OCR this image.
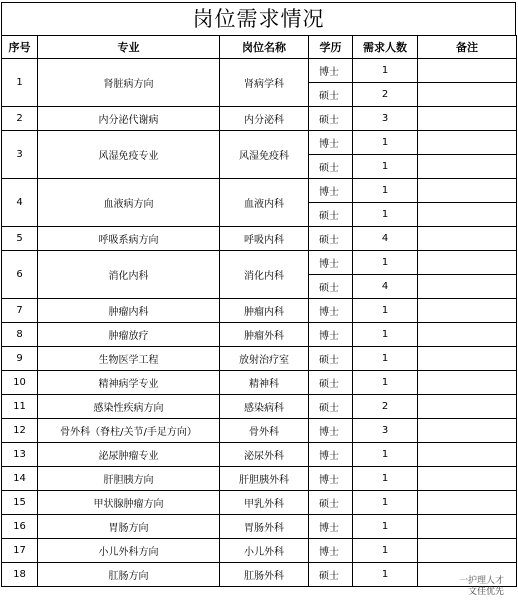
岗位需求情况
序号	专业	岗位名称	学历	需求人数	备注
1	肾脏病方向	肾病学科	博士	1	
			硕士	2	
2	内分泌代谢病	内分泌科	硕士	3	
3	风湿免疫专业	风湿免疫科	博士	1	
			硕士	1	
4	血液病方向	血液内科	博士	1	
			硕士	1	
5	呼吸系病方向	呼吸内科	硕士	4	
6	消化内科	消化内科	博士	1	
			硕士	4	
7	肿瘤内科	肿瘤内科	博士	1	
8	肿瘤放疗	肿瘤外科	博士	1	
9	生物医学工程	放射治疗室	硕士	1	
10	精神病学专业	精神科	硕士	1	
11	感染性疾病方向	感染病科	硕士	2	
12	骨外科（脊柱/关节/手足方向）	骨外科	博士	3	
13	泌尿肿瘤专业	泌尿外科	博士	1	
14	肝胆胰方向	肝胆胰外科	博士	1	
15	甲状腺肿瘤方向	甲乳外科	硕士	1	
16	胃肠方向	胃肠外科	博士	1	
17	小儿外科方向	小儿外科	博士	1	
18	肛肠方向	肛肠外科	硕士	1	
一护理人才
文佳优先
